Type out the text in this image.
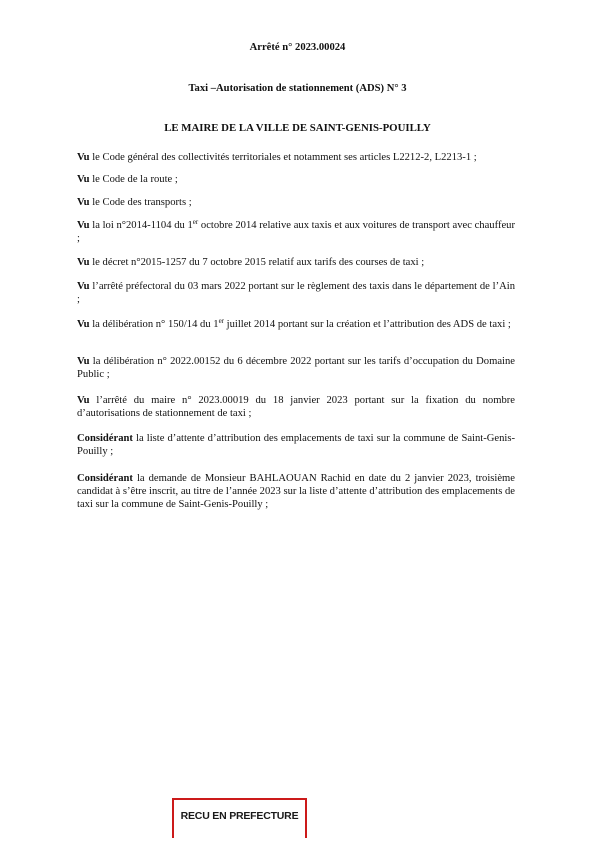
Arrêté n° 2023.00024
Taxi –Autorisation de stationnement (ADS) N° 3
LE MAIRE DE LA VILLE DE SAINT-GENIS-POUILLY

Vu le Code général des collectivités territoriales et notamment ses articles L2212-2, L2213-1 ;

Vu le Code de la route ;

Vu le Code des transports ;

Vu la loi n°2014-1104 du 1er octobre 2014 relative aux taxis et aux voitures de transport avec chauffeur ;

Vu le décret n°2015-1257 du 7 octobre 2015 relatif aux tarifs des courses de taxi ;

Vu l’arrêté préfectoral du 03 mars 2022 portant sur le règlement des taxis dans le département de l’Ain ;

Vu la délibération n° 150/14 du 1er juillet 2014 portant sur la création et l’attribution des ADS de taxi ;

Vu la délibération n° 2022.00152 du 6 décembre 2022 portant sur les tarifs d’occupation du Domaine Public ;

Vu l’arrêté du maire n° 2023.00019 du 18 janvier 2023 portant sur la fixation du nombre d’autorisations de stationnement de taxi ;

Considérant la liste d’attente d’attribution des emplacements de taxi sur la commune de Saint-Genis-Pouilly ;

Considérant la demande de Monsieur BAHLAOUAN Rachid en date du 2 janvier 2023, troisième candidat à s’être inscrit, au titre de l’année 2023 sur la liste d’attente d’attribution des emplacements de taxi sur la commune de Saint-Genis-Pouilly ;

RECU EN PREFECTURE
